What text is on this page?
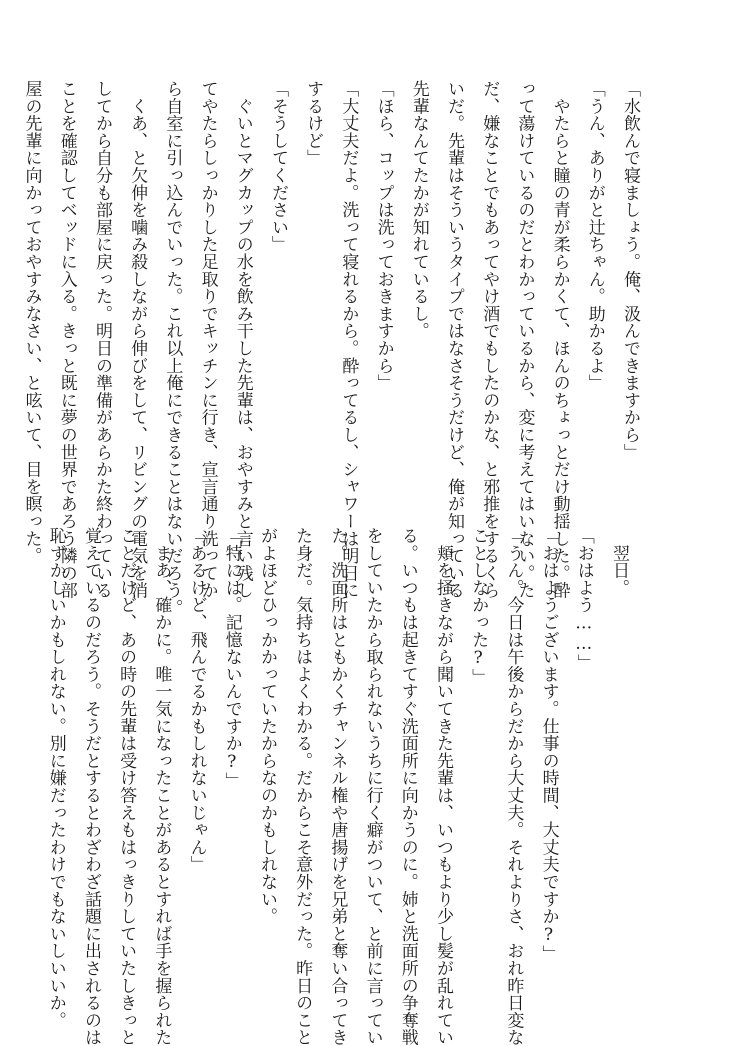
「水飲んで寝ましょう。俺、汲んできますから」
「うん、ありがと辻ちゃん。助かるよ」
　やたらと瞳の青が柔らかくて、ほんのちょっとだけ動揺した。酔
って蕩けているのだとわかっているから、変に考えてはいない。た
だ、嫌なことでもあってやけ酒でもしたのかな、と邪推をするくら
いだ。先輩はそういうタイプではなさそうだけど、俺が知っている
先輩なんてたかが知れているし。
「ほら、コップは洗っておきますから」
「大丈夫だよ。洗って寝れるから。酔ってるし、シャワーは明日に
するけど」
「そうしてください」
　ぐいとマグカップの水を飲み干した先輩は、おやすみと言い残し
てやたらしっかりした足取りでキッチンに行き、宣言通り洗ってか
ら自室に引っ込んでいった。これ以上俺にできることはないだろう。
　くあ、と欠伸を噛み殺しながら伸びをして、リビングの電気を消
してから自分も部屋に戻った。明日の準備があらかた終わっている
ことを確認してベッドに入る。きっと既に夢の世界であろう隣の部
屋の先輩に向かっておやすみなさい、と呟いて、目を瞑った。	　翌日。
「おはよう……」
「おはようございます。仕事の時間、大丈夫ですか?」
「うん。今日は午後からだから大丈夫。それよりさ、おれ昨日変な
ことしなかった?」
　頬を掻きながら聞いてきた先輩は、いつもより少し髪が乱れてい
る。いつもは起きてすぐ洗面所に向かうのに。姉と洗面所の争奪戦
をしていたから取られないうちに行く癖がついて、と前に言ってい
た。洗面所はともかくチャンネル権や唐揚げを兄弟と奪い合ってき
た身だ。気持ちはよくわかる。だからこそ意外だった。昨日のこと
がよほどひっかかっていたからなのかもしれない。
「特には。記憶ないんですか?」
「あるけど、飛んでるかもしれないじゃん」
　まあ、確かに。唯一気になったことがあるとすれば手を握られた
ことだけど、あの時の先輩は受け答えもはっきりしていたしきっと
覚えているのだろう。そうだとするとわざわざ話題に出されるのは
恥ずかしいかもしれない。別に嫌だったわけでもないしいいか。
